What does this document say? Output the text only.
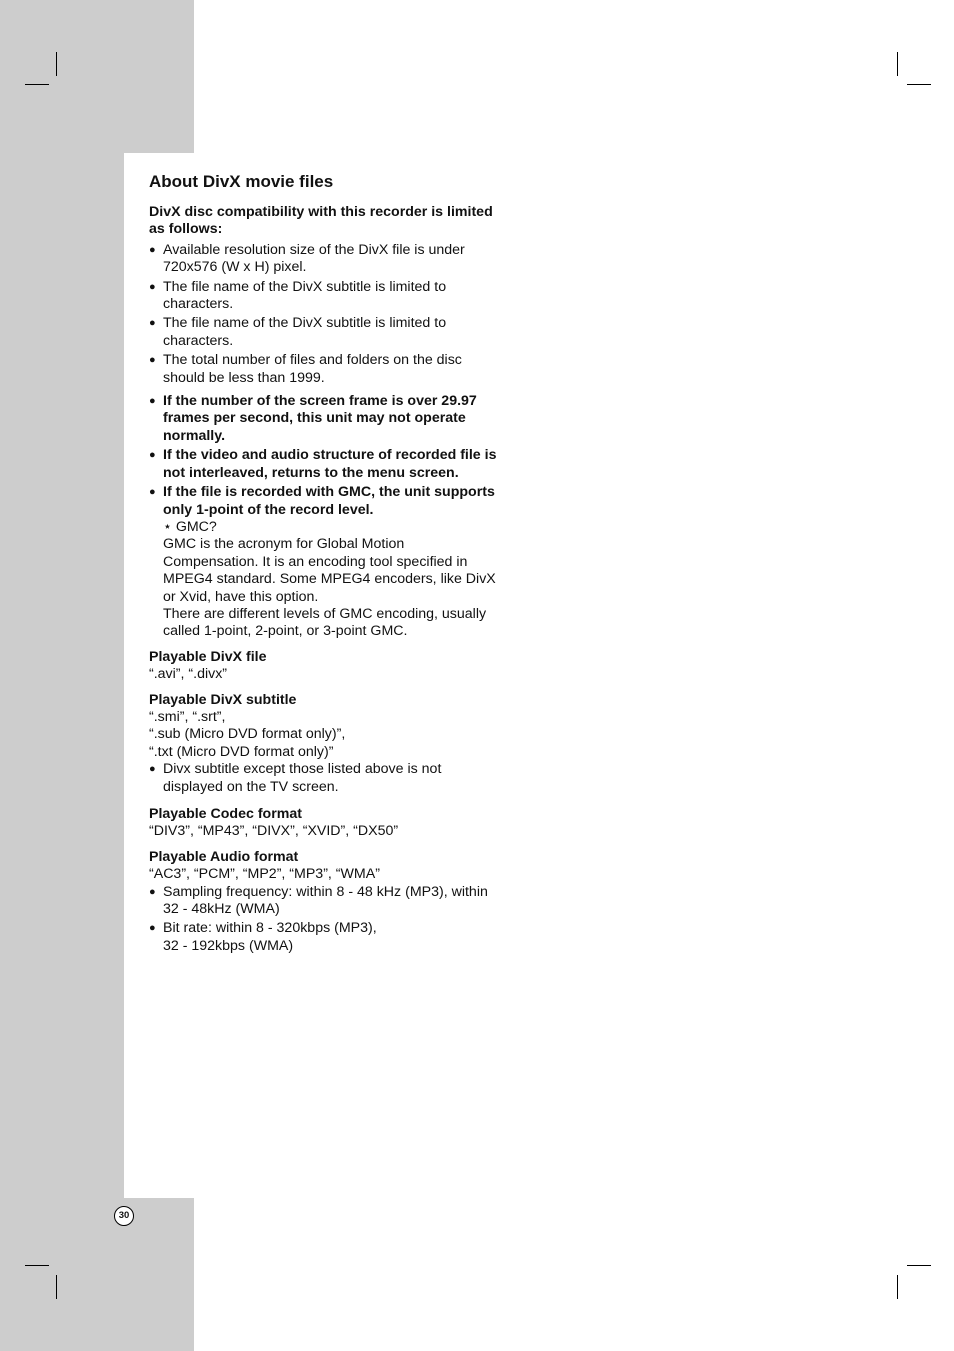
About DivX movie files
DivX disc compatibility with this recorder is limited as follows:
● Available resolution size of the DivX file is under 720x576 (W x H) pixel.
● The file name of the DivX subtitle is limited to characters.
● The file name of the DivX subtitle is limited to characters.
● The total number of files and folders on the disc should be less than 1999.
● If the number of the screen frame is over 29.97 frames per second, this unit may not operate normally.
● If the video and audio structure of recorded file is not interleaved, returns to the menu screen.
● If the file is recorded with GMC, the unit supports only 1-point of the record level.
⋆ GMC?
GMC is the acronym for Global Motion Compensation. It is an encoding tool specified in MPEG4 standard. Some MPEG4 encoders, like DivX or Xvid, have this option.
There are different levels of GMC encoding, usually called 1-point, 2-point, or 3-point GMC.
Playable DivX file
“.avi”, “.divx”
Playable DivX subtitle
“.smi”, “.srt”,
“.sub (Micro DVD format only)”,
“.txt (Micro DVD format only)”
● Divx subtitle except those listed above is not displayed on the TV screen.
Playable Codec format
“DIV3”, “MP43”, “DIVX”, “XVID”, “DX50”
Playable Audio format
“AC3”, “PCM”, “MP2”, “MP3”, “WMA”
● Sampling frequency: within 8 - 48 kHz (MP3), within 32 - 48kHz (WMA)
● Bit rate: within 8 - 320kbps (MP3),
32 - 192kbps (WMA)
30
